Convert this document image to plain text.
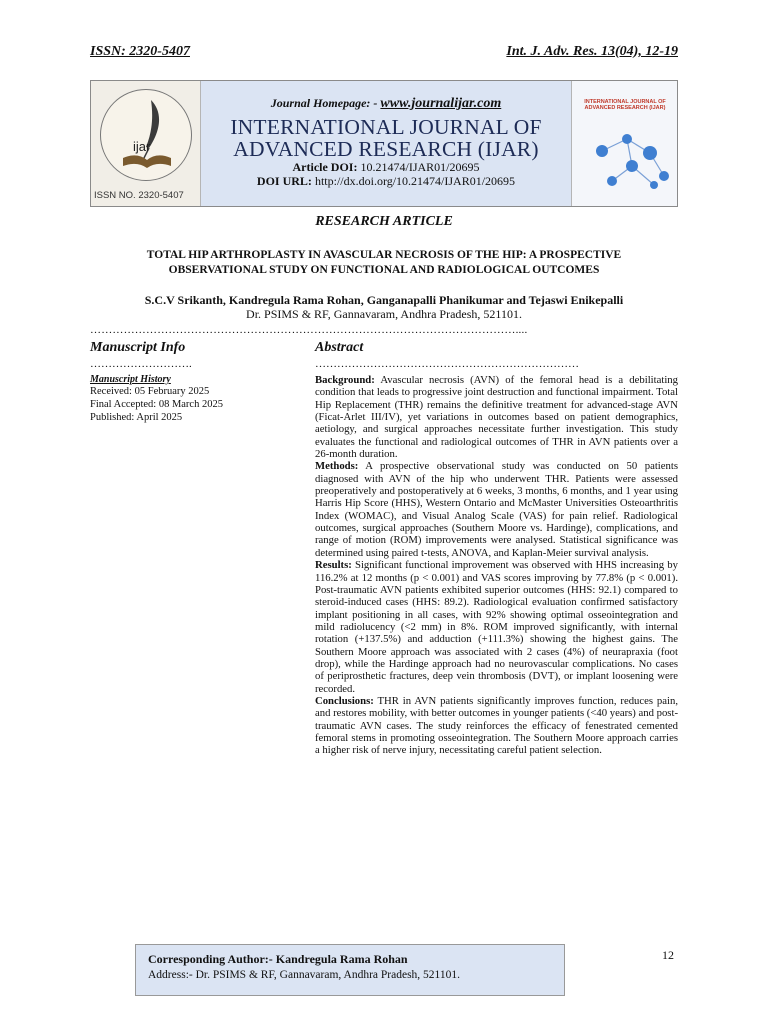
ISSN: 2320-5407	Int. J. Adv. Res. 13(04), 12-19
ijar
ISSN NO. 2320-5407
Journal Homepage: - www.journalijar.com
INTERNATIONAL JOURNAL OF
ADVANCED RESEARCH (IJAR)
Article DOI: 10.21474/IJAR01/20695
DOI URL: http://dx.doi.org/10.21474/IJAR01/20695
INTERNATIONAL JOURNAL OF ADVANCED RESEARCH (IJAR)
RESEARCH ARTICLE
TOTAL HIP ARTHROPLASTY IN AVASCULAR NECROSIS OF THE HIP: A PROSPECTIVE
OBSERVATIONAL STUDY ON FUNCTIONAL AND RADIOLOGICAL OUTCOMES
S.C.V Srikanth, Kandregula Rama Rohan, Ganganapalli Phanikumar and Tejaswi Enikepalli
Dr. PSIMS & RF, Gannavaram, Andhra Pradesh, 521101.
……………………………………………………………………………………………………....
Manuscript Info
……………………….
Manuscript History
Received: 05 February 2025
Final Accepted: 08 March 2025
Published: April 2025
Abstract
………………………………………………………………

Background: Avascular necrosis (AVN) of the femoral head is a debilitating condition that leads to progressive joint destruction and functional impairment. Total Hip Replacement (THR) remains the definitive treatment for advanced-stage AVN (Ficat-Arlet III/IV), yet variations in outcomes based on patient demographics, aetiology, and surgical approaches necessitate further investigation. This study evaluates the functional and radiological outcomes of THR in AVN patients over a 26-month duration.

Methods: A prospective observational study was conducted on 50 patients diagnosed with AVN of the hip who underwent THR. Patients were assessed preoperatively and postoperatively at 6 weeks, 3 months, 6 months, and 1 year using Harris Hip Score (HHS), Western Ontario and McMaster Universities Osteoarthritis Index (WOMAC), and Visual Analog Scale (VAS) for pain relief. Radiological outcomes, surgical approaches (Southern Moore vs. Hardinge), complications, and range of motion (ROM) improvements were analysed. Statistical significance was determined using paired t-tests, ANOVA, and Kaplan-Meier survival analysis.

Results: Significant functional improvement was observed with HHS increasing by 116.2% at 12 months (p < 0.001) and VAS scores improving by 77.8% (p < 0.001). Post-traumatic AVN patients exhibited superior outcomes (HHS: 92.1) compared to steroid-induced cases (HHS: 89.2). Radiological evaluation confirmed satisfactory implant positioning in all cases, with 92% showing optimal osseointegration and mild radiolucency (<2 mm) in 8%. ROM improved significantly, with internal rotation (+137.5%) and adduction (+111.3%) showing the highest gains. The Southern Moore approach was associated with 2 cases (4%) of neurapraxia (foot drop), while the Hardinge approach had no neurovascular complications. No cases of periprosthetic fractures, deep vein thrombosis (DVT), or implant loosening were recorded.

Conclusions: THR in AVN patients significantly improves function, reduces pain, and restores mobility, with better outcomes in younger patients (<40 years) and post-traumatic AVN cases. The study reinforces the efficacy of fenestrated cemented femoral stems in promoting osseointegration. The Southern Moore approach carries a higher risk of nerve injury, necessitating careful patient selection.

Corresponding Author:- Kandregula Rama Rohan
Address:- Dr. PSIMS & RF, Gannavaram, Andhra Pradesh, 521101.
12
